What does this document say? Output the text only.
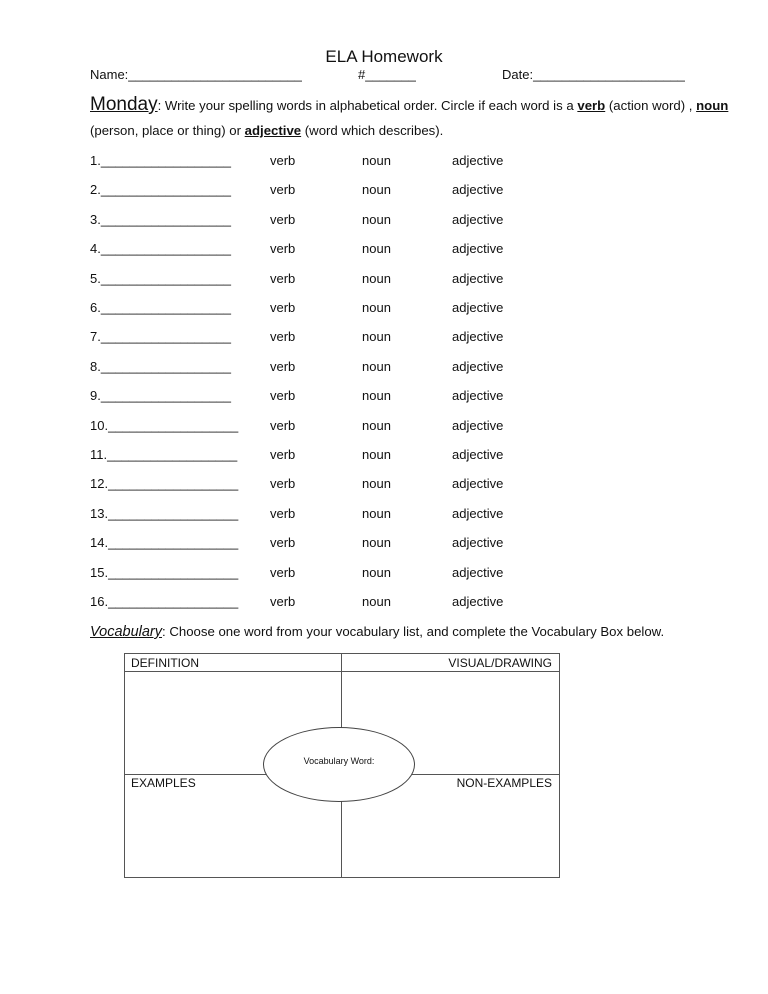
ELA Homework
Name:________________________	#_______	Date:_____________________
Monday: Write your spelling words in alphabetical order. Circle if each word is a verb (action word) , noun (person, place or thing) or adjective (word which describes).
1.__________________	verb	noun	adjective
2.__________________	verb	noun	adjective
3.__________________	verb	noun	adjective
4.__________________	verb	noun	adjective
5.__________________	verb	noun	adjective
6.__________________	verb	noun	adjective
7.__________________	verb	noun	adjective
8.__________________	verb	noun	adjective
9.__________________	verb	noun	adjective
10.__________________ verb	noun	adjective
11.__________________	verb	noun	adjective
12.__________________ verb	noun	adjective
13.__________________ verb	noun	adjective
14.__________________ verb	noun	adjective
15.__________________ verb	noun	adjective
16.__________________ verb	noun	adjective
Vocabulary: Choose one word from your vocabulary list, and complete the Vocabulary Box below.
DEFINITION	VISUAL/DRAWING
EXAMPLES	NON-EXAMPLES
Vocabulary Word:
